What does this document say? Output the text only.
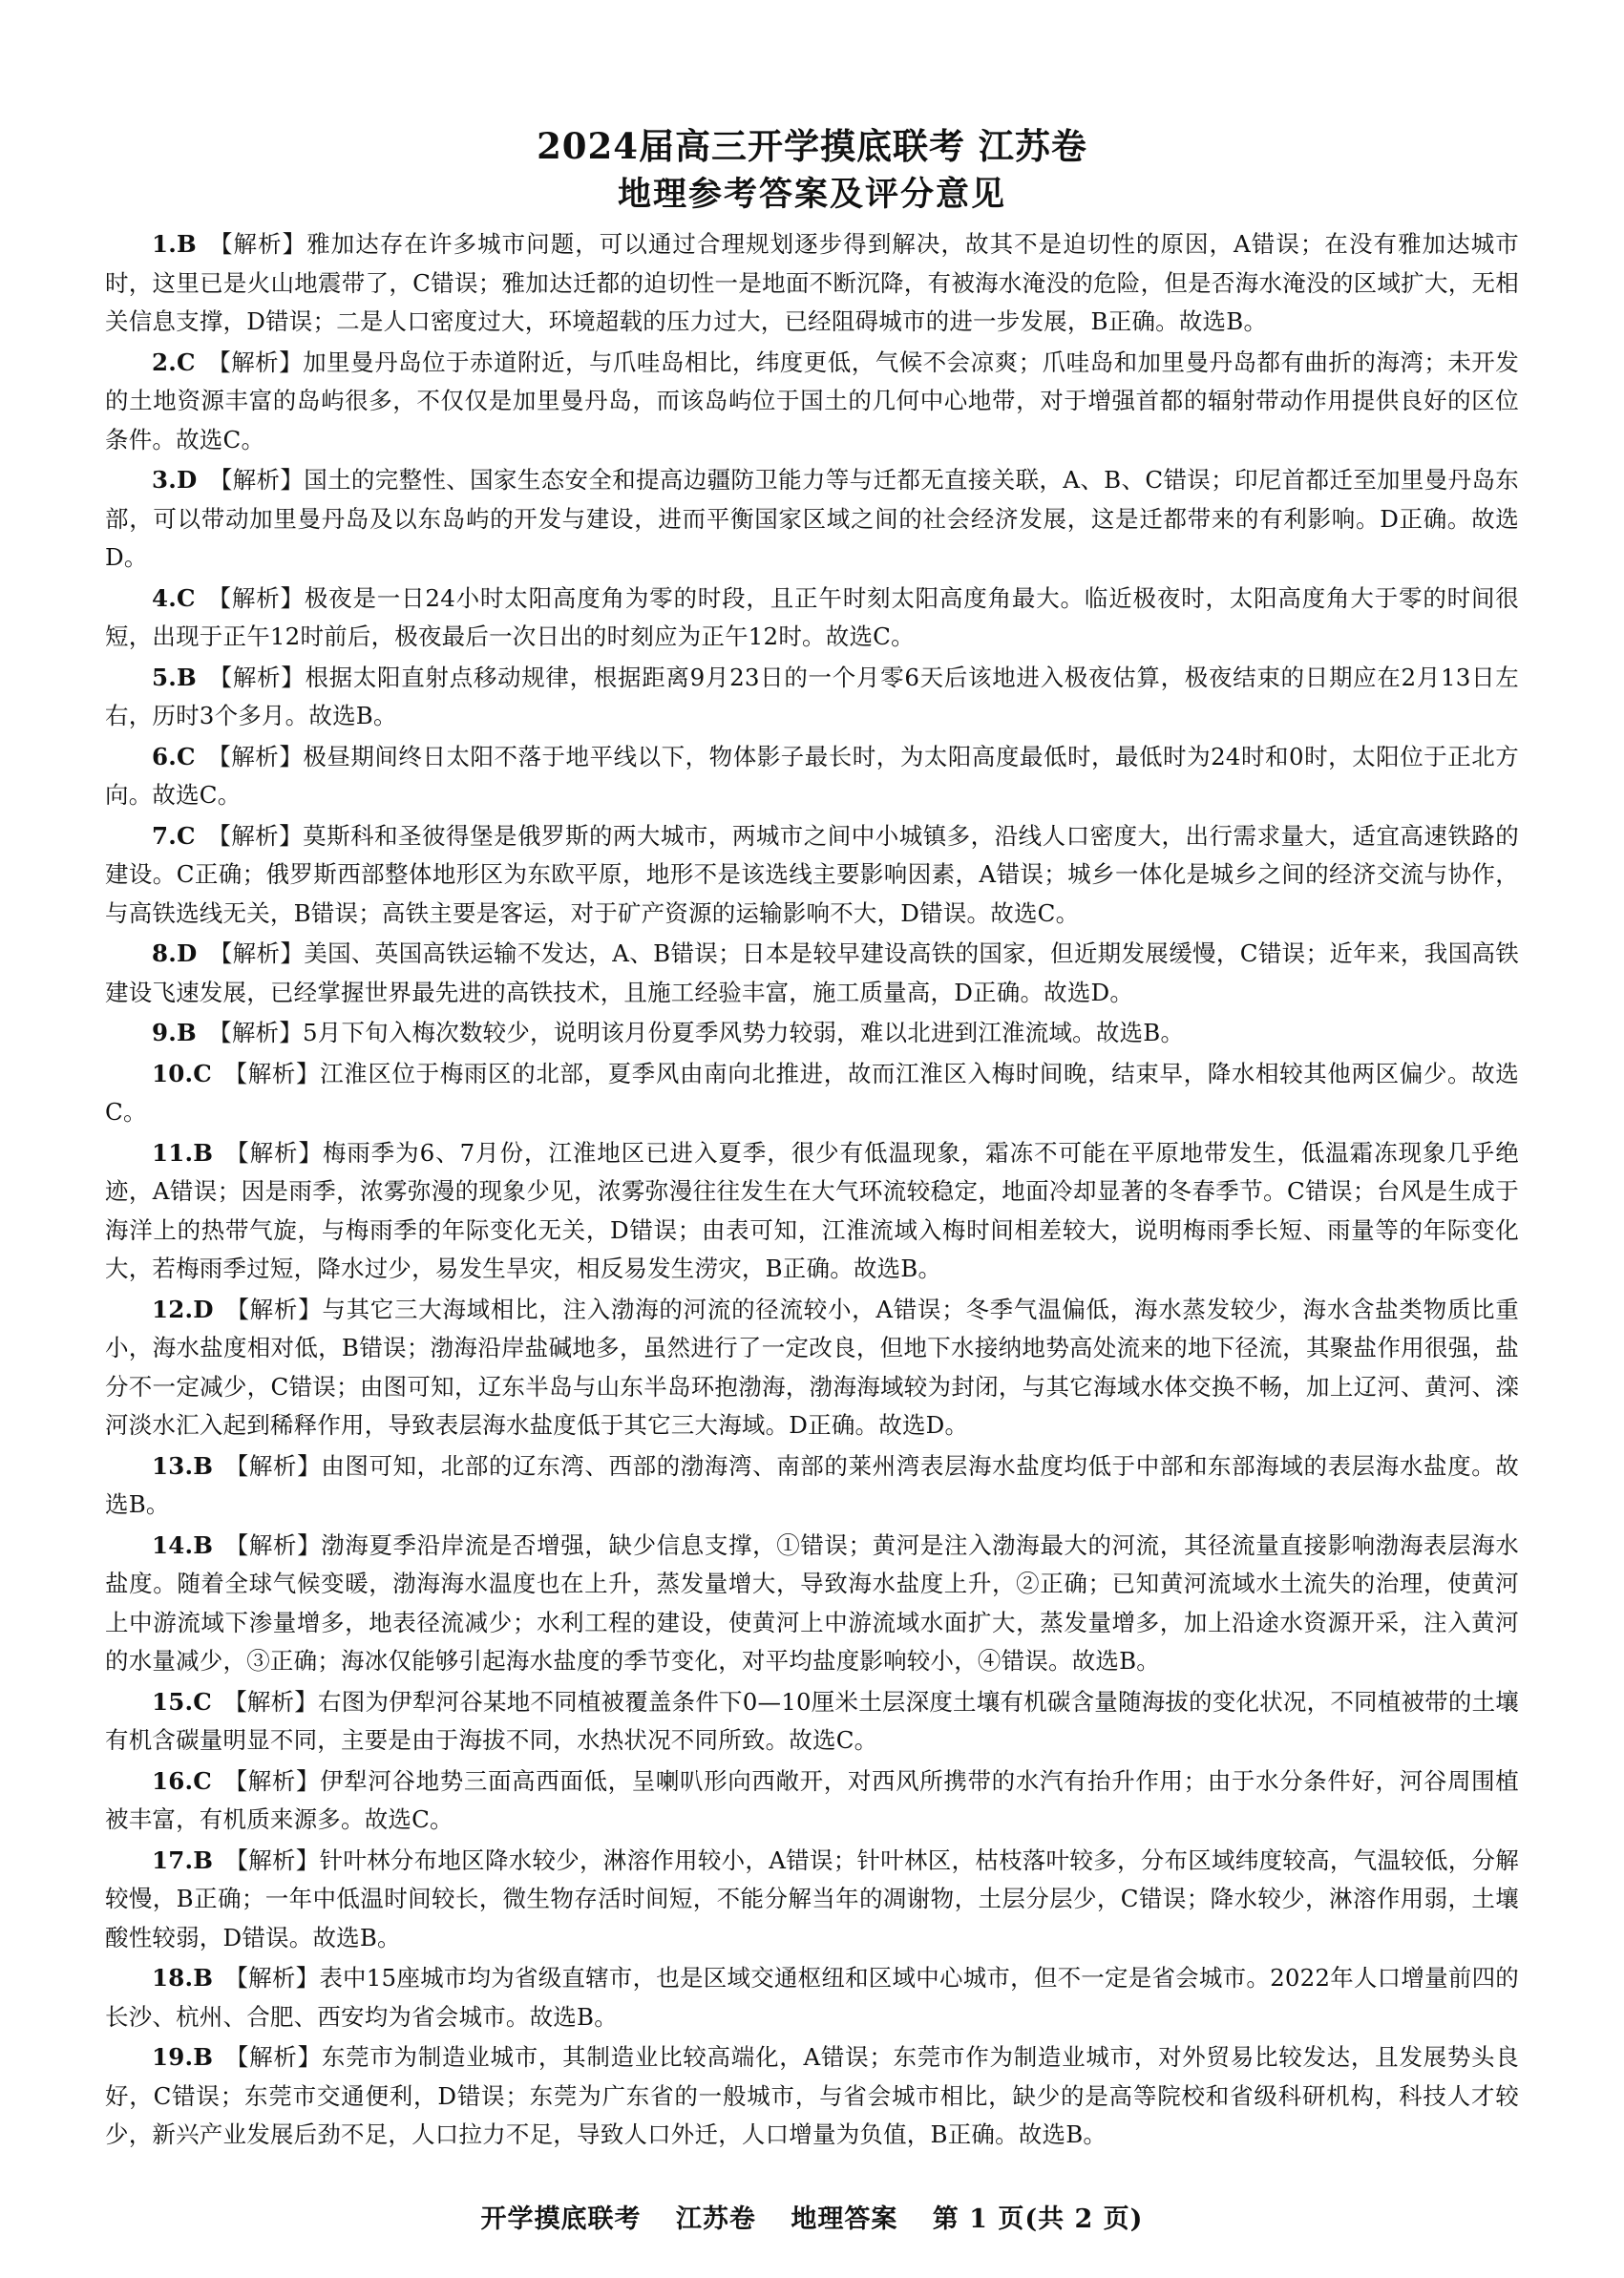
2024届高三开学摸底联考 江苏卷
地理参考答案及评分意见

1.B 【解析】雅加达存在许多城市问题，可以通过合理规划逐步得到解决，故其不是迫切性的原因，A错误；在没有雅加达城市时，这里已是火山地震带了，C错误；雅加达迁都的迫切性一是地面不断沉降，有被海水淹没的危险，但是否海水淹没的区域扩大，无相关信息支撑，D错误；二是人口密度过大，环境超载的压力过大，已经阻碍城市的进一步发展，B正确。故选B。

2.C 【解析】加里曼丹岛位于赤道附近，与爪哇岛相比，纬度更低，气候不会凉爽；爪哇岛和加里曼丹岛都有曲折的海湾；未开发的土地资源丰富的岛屿很多，不仅仅是加里曼丹岛，而该岛屿位于国土的几何中心地带，对于增强首都的辐射带动作用提供良好的区位条件。故选C。

3.D 【解析】国土的完整性、国家生态安全和提高边疆防卫能力等与迁都无直接关联，A、B、C错误；印尼首都迁至加里曼丹岛东部，可以带动加里曼丹岛及以东岛屿的开发与建设，进而平衡国家区域之间的社会经济发展，这是迁都带来的有利影响。D正确。故选D。

4.C 【解析】极夜是一日24小时太阳高度角为零的时段，且正午时刻太阳高度角最大。临近极夜时，太阳高度角大于零的时间很短，出现于正午12时前后，极夜最后一次日出的时刻应为正午12时。故选C。

5.B 【解析】根据太阳直射点移动规律，根据距离9月23日的一个月零6天后该地进入极夜估算，极夜结束的日期应在2月13日左右，历时3个多月。故选B。

6.C 【解析】极昼期间终日太阳不落于地平线以下，物体影子最长时，为太阳高度最低时，最低时为24时和0时，太阳位于正北方向。故选C。

7.C 【解析】莫斯科和圣彼得堡是俄罗斯的两大城市，两城市之间中小城镇多，沿线人口密度大，出行需求量大，适宜高速铁路的建设。C正确；俄罗斯西部整体地形区为东欧平原，地形不是该选线主要影响因素，A错误；城乡一体化是城乡之间的经济交流与协作，与高铁选线无关，B错误；高铁主要是客运，对于矿产资源的运输影响不大，D错误。故选C。

8.D 【解析】美国、英国高铁运输不发达，A、B错误；日本是较早建设高铁的国家，但近期发展缓慢，C错误；近年来，我国高铁建设飞速发展，已经掌握世界最先进的高铁技术，且施工经验丰富，施工质量高，D正确。故选D。

9.B 【解析】5月下旬入梅次数较少，说明该月份夏季风势力较弱，难以北进到江淮流域。故选B。

10.C 【解析】江淮区位于梅雨区的北部，夏季风由南向北推进，故而江淮区入梅时间晚，结束早，降水相较其他两区偏少。故选C。

11.B 【解析】梅雨季为6、7月份，江淮地区已进入夏季，很少有低温现象，霜冻不可能在平原地带发生，低温霜冻现象几乎绝迹，A错误；因是雨季，浓雾弥漫的现象少见，浓雾弥漫往往发生在大气环流较稳定，地面冷却显著的冬春季节。C错误；台风是生成于海洋上的热带气旋，与梅雨季的年际变化无关，D错误；由表可知，江淮流域入梅时间相差较大，说明梅雨季长短、雨量等的年际变化大，若梅雨季过短，降水过少，易发生旱灾，相反易发生涝灾，B正确。故选B。

12.D 【解析】与其它三大海域相比，注入渤海的河流的径流较小，A错误；冬季气温偏低，海水蒸发较少，海水含盐类物质比重小，海水盐度相对低，B错误；渤海沿岸盐碱地多，虽然进行了一定改良，但地下水接纳地势高处流来的地下径流，其聚盐作用很强，盐分不一定减少，C错误；由图可知，辽东半岛与山东半岛环抱渤海，渤海海域较为封闭，与其它海域水体交换不畅，加上辽河、黄河、滦河淡水汇入起到稀释作用，导致表层海水盐度低于其它三大海域。D正确。故选D。

13.B 【解析】由图可知，北部的辽东湾、西部的渤海湾、南部的莱州湾表层海水盐度均低于中部和东部海域的表层海水盐度。故选B。

14.B 【解析】渤海夏季沿岸流是否增强，缺少信息支撑，①错误；黄河是注入渤海最大的河流，其径流量直接影响渤海表层海水盐度。随着全球气候变暖，渤海海水温度也在上升，蒸发量增大，导致海水盐度上升，②正确；已知黄河流域水土流失的治理，使黄河上中游流域下渗量增多，地表径流减少；水利工程的建设，使黄河上中游流域水面扩大，蒸发量增多，加上沿途水资源开采，注入黄河的水量减少，③正确；海冰仅能够引起海水盐度的季节变化，对平均盐度影响较小，④错误。故选B。

15.C 【解析】右图为伊犁河谷某地不同植被覆盖条件下0—10厘米土层深度土壤有机碳含量随海拔的变化状况，不同植被带的土壤有机含碳量明显不同，主要是由于海拔不同，水热状况不同所致。故选C。

16.C 【解析】伊犁河谷地势三面高西面低，呈喇叭形向西敞开，对西风所携带的水汽有抬升作用；由于水分条件好，河谷周围植被丰富，有机质来源多。故选C。

17.B 【解析】针叶林分布地区降水较少，淋溶作用较小，A错误；针叶林区，枯枝落叶较多，分布区域纬度较高，气温较低，分解较慢，B正确；一年中低温时间较长，微生物存活时间短，不能分解当年的凋谢物，土层分层少，C错误；降水较少，淋溶作用弱，土壤酸性较弱，D错误。故选B。

18.B 【解析】表中15座城市均为省级直辖市，也是区域交通枢纽和区域中心城市，但不一定是省会城市。2022年人口增量前四的长沙、杭州、合肥、西安均为省会城市。故选B。

19.B 【解析】东莞市为制造业城市，其制造业比较高端化，A错误；东莞市作为制造业城市，对外贸易比较发达，且发展势头良好，C错误；东莞市交通便利，D错误；东莞为广东省的一般城市，与省会城市相比，缺少的是高等院校和省级科研机构，科技人才较少，新兴产业发展后劲不足，人口拉力不足，导致人口外迁，人口增量为负值，B正确。故选B。

开学摸底联考 江苏卷 地理答案 第 1 页(共 2 页)
